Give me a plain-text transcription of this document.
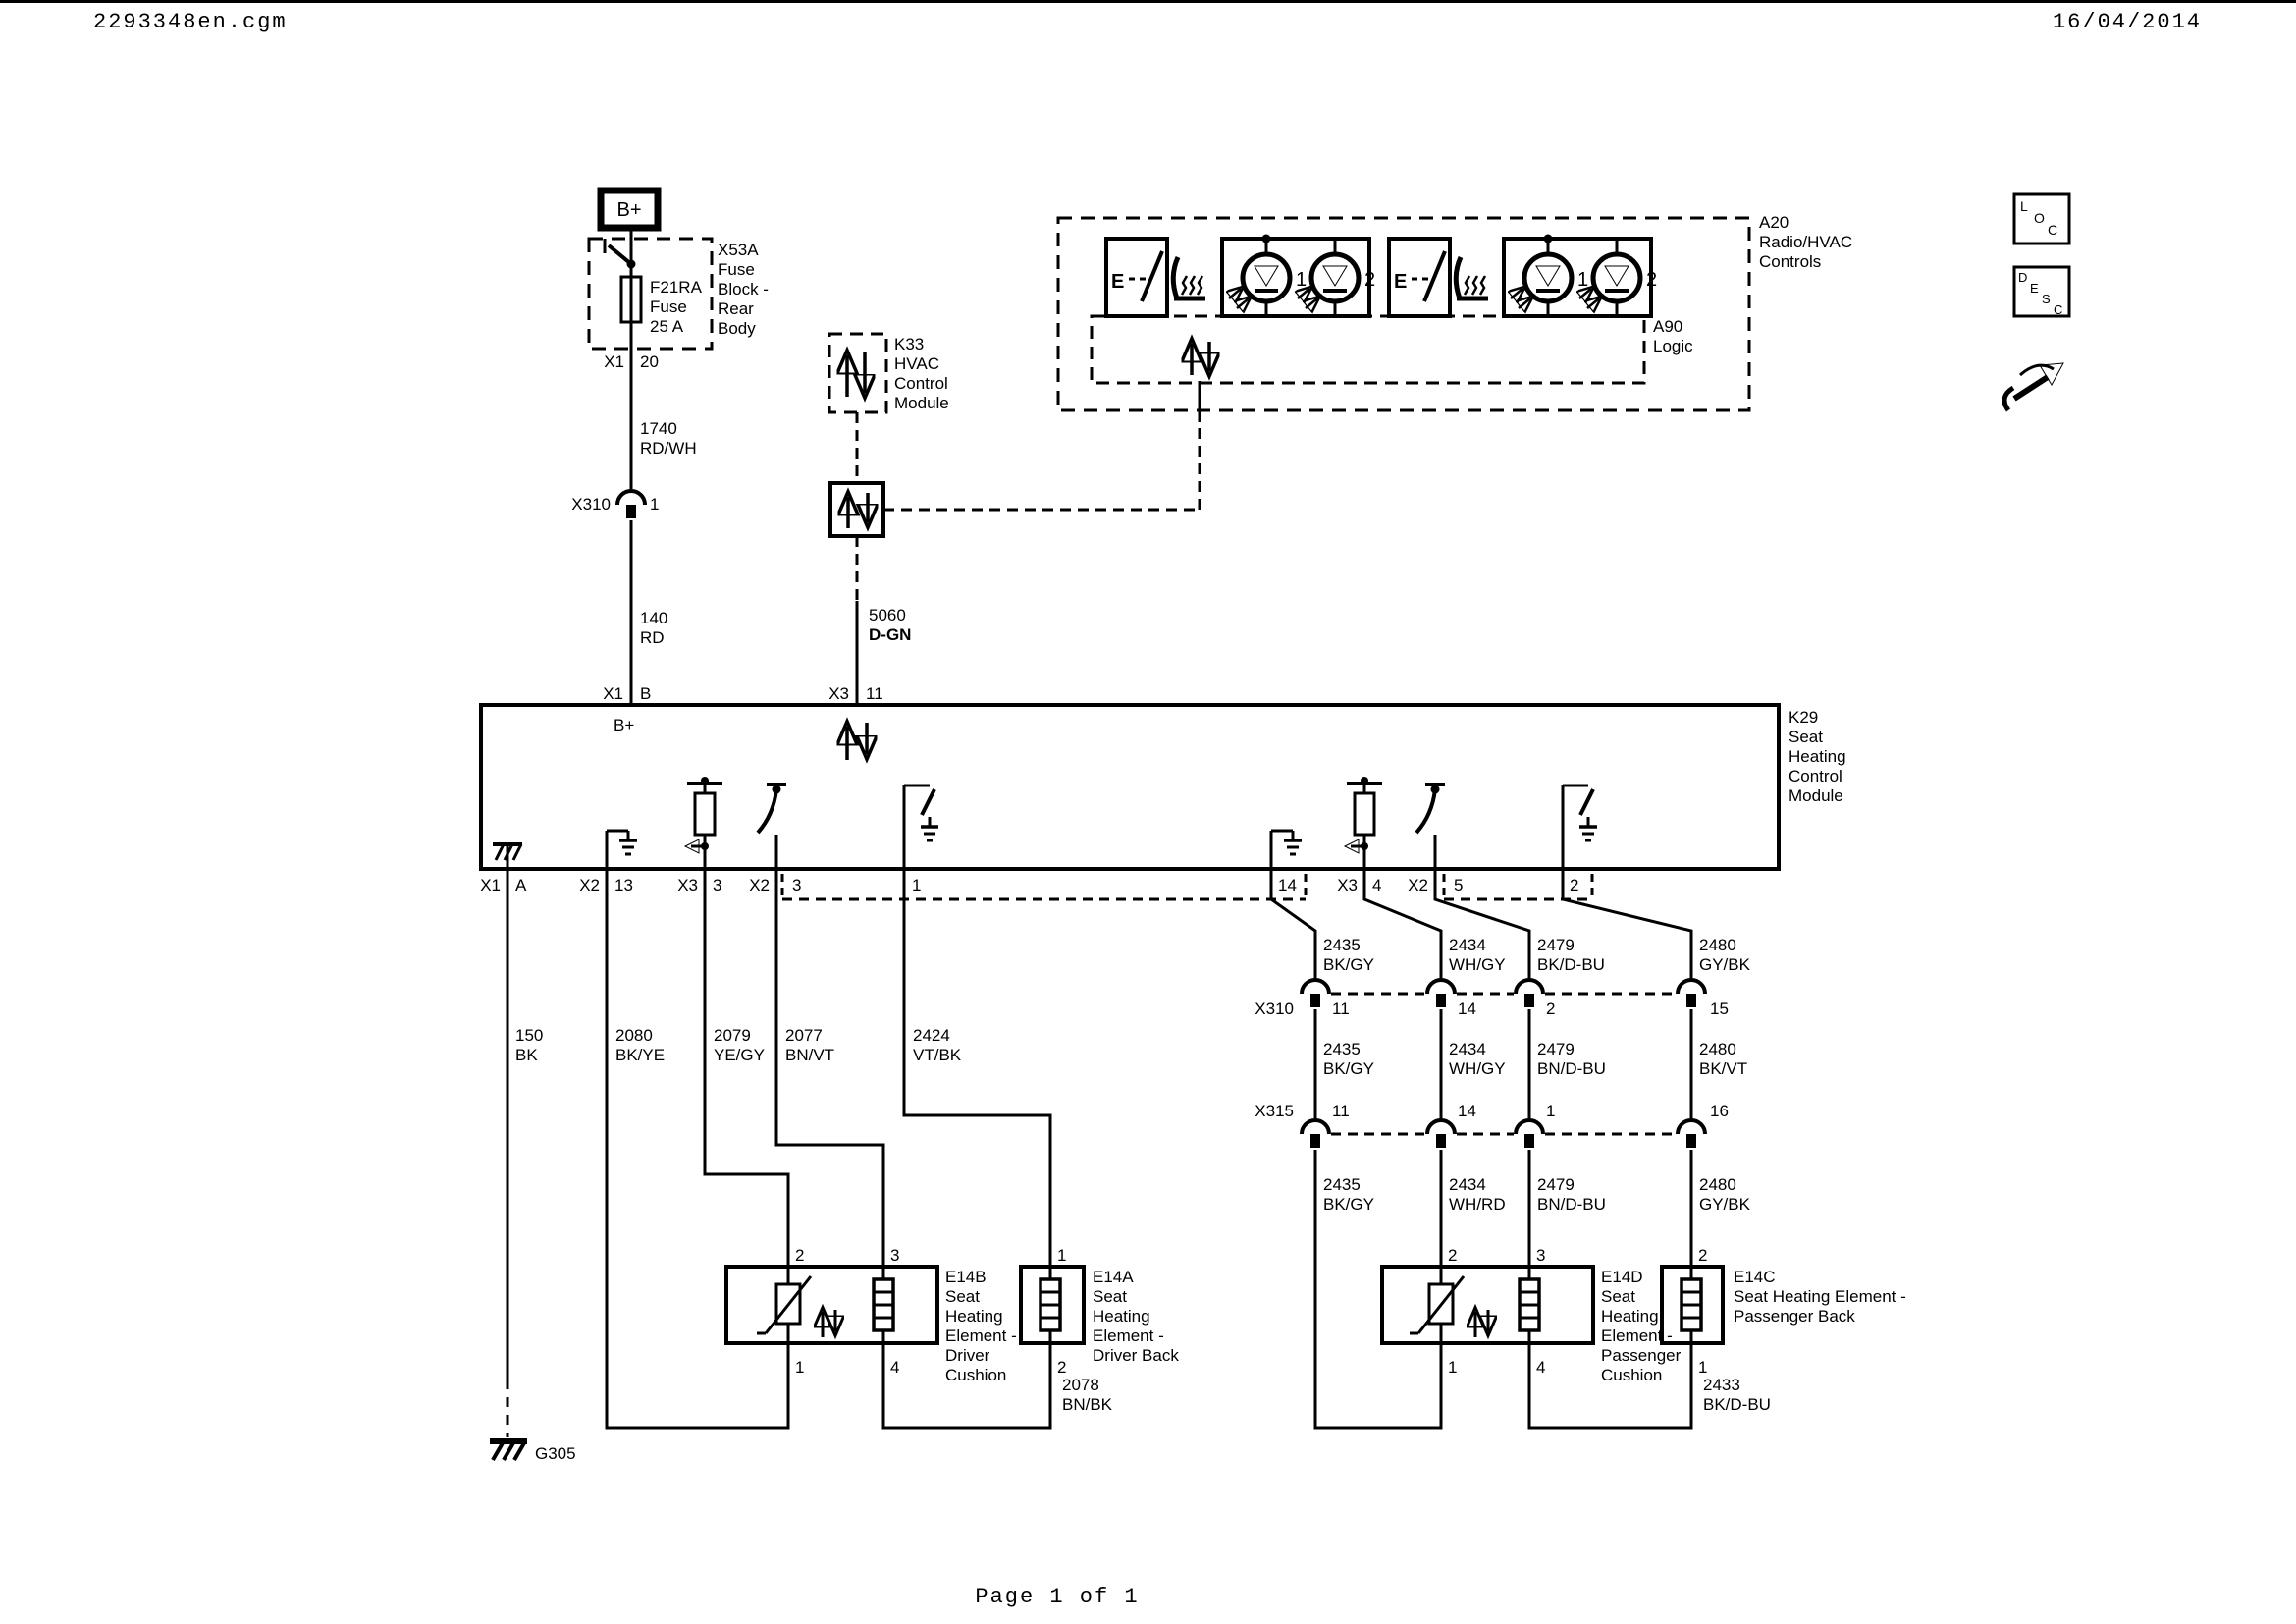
2293348en.cgm	16/04/2014
Page 1 of 1
B+
F21RA
Fuse
25 A
X53A
Fuse
Block -
Rear
Body
X1 20
1740
RD/WH
X310 1
140
RD
K33
HVAC
Control
Module
5060
D-GN
A20
Radio/HVAC
Controls
E	1	2 E	1	2
A90
Logic
K29
Seat
Heating
Control
Module
X1 B
B+
X3 11
X1 A	X2 13	X3 3 X2 3	1	14 X3 4 X2 5	2
150
BK
G305
2080
BK/YE
2079
YE/GY
2077
BN/VT
2424
VT/BK
2	3
1	4
E14B
Seat
Heating
Element -
Driver
Cushion
1
2
E14A
Seat
Heating
Element -
Driver Back
2078
BN/BK
2435
BK/GY
2435
BK/GY
2435
BK/GY
2434
WH/GY
2434
WH/GY
2434
WH/RD
2479
BK/D-BU
2479
BN/D-BU
2479
BN/D-BU
2480
GY/BK
2480
BK/VT
2480
GY/BK
X310 11	14	2	15
X315 11	14	1	16
2	3
1	4
E14D
Seat
Heating
Element -
Passenger
Cushion
2
1
E14C
Seat Heating Element -
Passenger Back
2433
BK/D-BU
L
O
C
D
E
S
C
